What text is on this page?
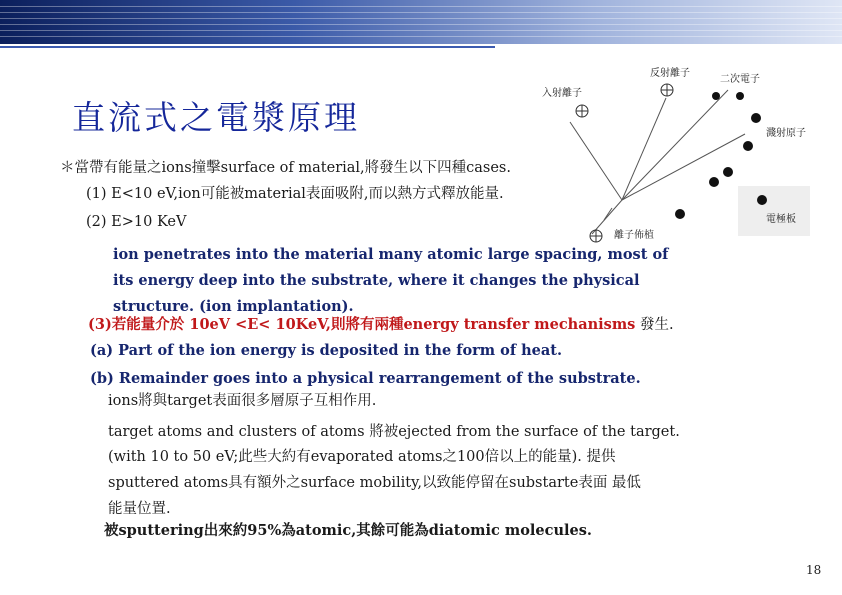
直流式之電漿原理
入射離子
反射離子
二次電子
濺射原子
電極板
離子佈植
＊當帶有能量之ions撞擊surface of material,將發生以下四種cases.
(1) E<10 eV,ion可能被material表面吸附,而以熱方式釋放能量.
(2) E>10 KeV
ion penetrates into the material many atomic large spacing, most of
its energy deep into the substrate, where it changes the physical
structure. (ion implantation).
(3)若能量介於 10eV <E< 10KeV,則將有兩種energy transfer mechanisms 發生.
(a) Part of the ion energy is deposited in the form of heat.
(b) Remainder goes into a physical rearrangement of the substrate.
ions將與target表面很多層原子互相作用.
target atoms and clusters of atoms 將被ejected from the surface of the target.
(with 10 to 50 eV;此些大約有evaporated atoms之100倍以上的能量). 提供
sputtered atoms具有額外之surface mobility,以致能停留在substarte表面 最低
能量位置.
被sputtering出來約95%為atomic,其餘可能為diatomic molecules.
18
